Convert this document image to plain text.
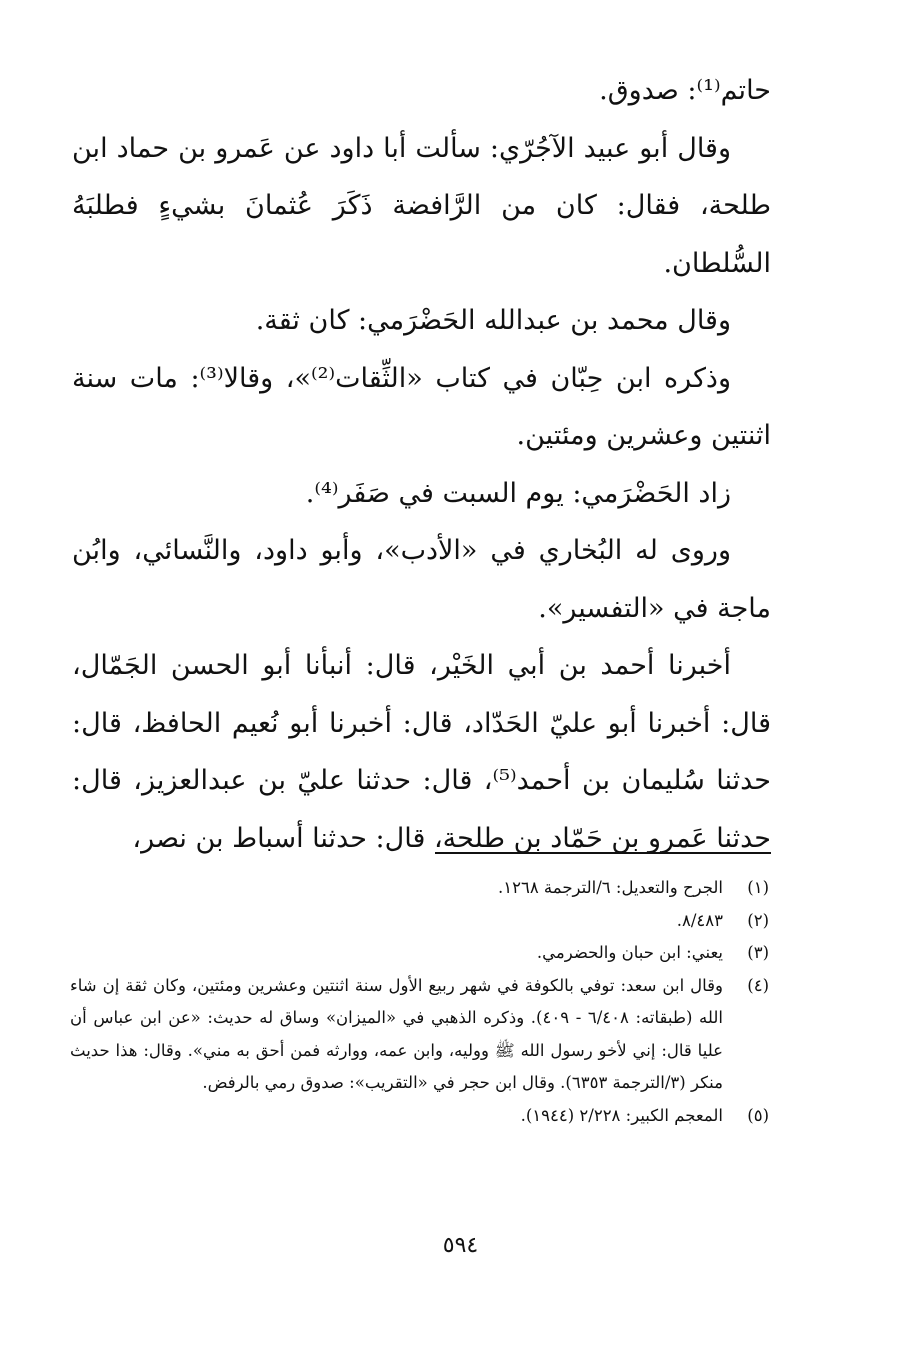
حاتم⁽¹⁾: صدوق.

وقال أبو عبيد الآجُرّي: سألت أبا داود عن عَمرو بن حماد ابن طلحة، فقال: كان من الرَّافضة ذَكَرَ عُثمانَ بشيءٍ فطلبَهُ السُّلطان.

وقال محمد بن عبدالله الحَضْرَمي: كان ثقة.

وذكره ابن حِبّان في كتاب «الثِّقات⁽²⁾»، وقالا⁽³⁾: مات سنة اثنتين وعشرين ومئتين.

زاد الحَضْرَمي: يوم السبت في صَفَر⁽⁴⁾.

وروى له البُخاري في «الأدب»، وأبو داود، والنَّسائي، وابُن ماجة في «التفسير».

أخبرنا أحمد بن أبي الخَيْر، قال: أنبأنا أبو الحسن الجَمّال، قال: أخبرنا أبو عليّ الحَدّاد، قال: أخبرنا أبو نُعيم الحافظ، قال: حدثنا سُليمان بن أحمد⁽⁵⁾، قال: حدثنا عليّ بن عبدالعزيز، قال: حدثنا عَمرو بن حَمّاد بن طلحة، قال: حدثنا أسباط بن نصر،

(١)
الجرح والتعديل: ٦/الترجمة ١٢٦٨.
(٢)
٨/٤٨٣.
(٣)
يعني: ابن حبان والحضرمي.
(٤)
وقال ابن سعد: توفي بالكوفة في شهر ربيع الأول سنة اثنتين وعشرين ومئتين، وكان ثقة إن شاء الله (طبقاته: ٦/٤٠٨ - ٤٠٩). وذكره الذهبي في «الميزان» وساق له حديث: «عن ابن عباس أن عليا قال: إني لأخو رسول الله ﷺ ووليه، وابن عمه، ووارثه فمن أحق به مني». وقال: هذا حديث منكر (٣/الترجمة ٦٣٥٣). وقال ابن حجر في «التقريب»: صدوق رمي بالرفض.
(٥)
المعجم الكبير: ٢/٢٢٨ (١٩٤٤).
٥٩٤
